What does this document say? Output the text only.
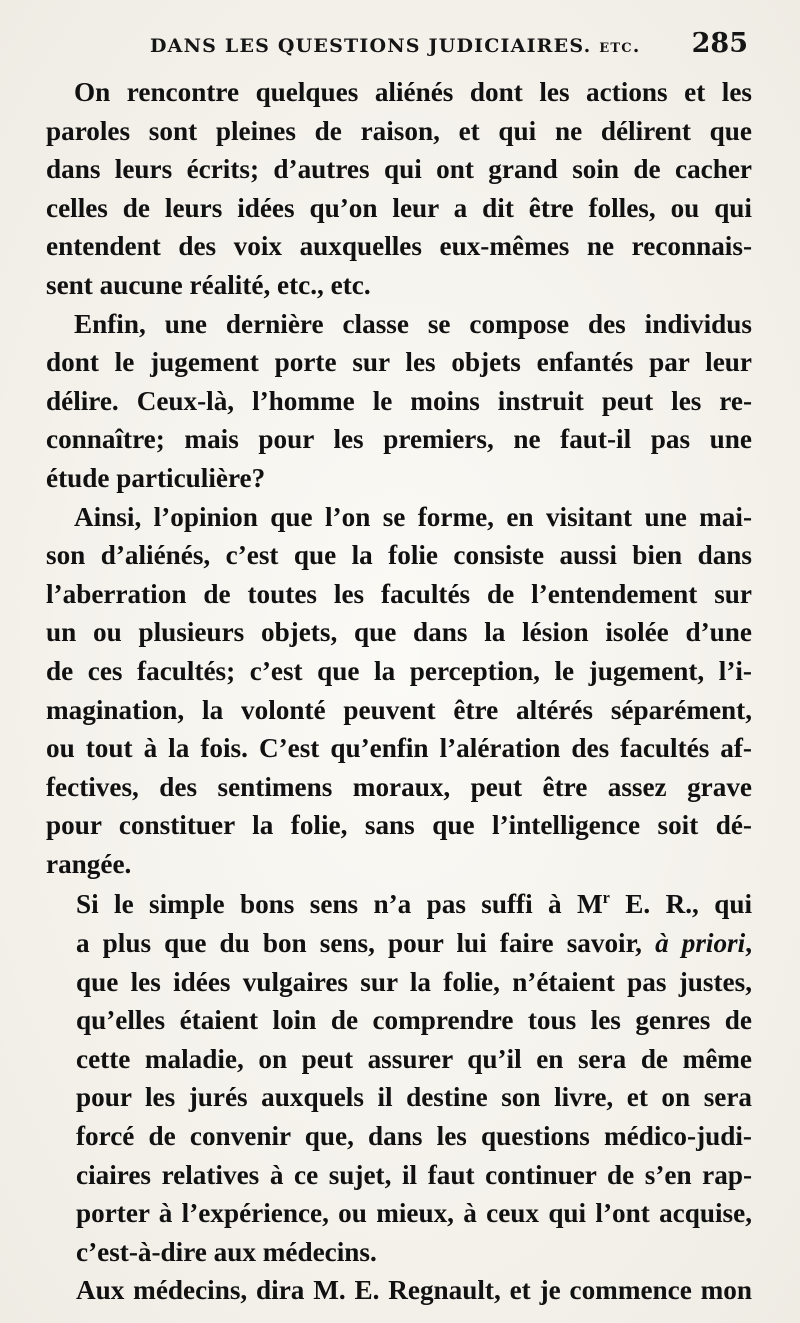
DANS LES QUESTIONS JUDICIAIRES. etc. 285
On rencontre quelques aliénés dont les actions et les
paroles sont pleines de raison, et qui ne délirent que
dans leurs écrits; d’autres qui ont grand soin de cacher
celles de leurs idées qu’on leur a dit être folles, ou qui
entendent des voix auxquelles eux-mêmes ne reconnais-
sent aucune réalité, etc., etc.
Enfin, une dernière classe se compose des individus
dont le jugement porte sur les objets enfantés par leur
délire. Ceux-là, l’homme le moins instruit peut les re-
connaître; mais pour les premiers, ne faut-il pas une
étude particulière?
Ainsi, l’opinion que l’on se forme, en visitant une mai-
son d’aliénés, c’est que la folie consiste aussi bien dans
l’aberration de toutes les facultés de l’entendement sur
un ou plusieurs objets, que dans la lésion isolée d’une
de ces facultés; c’est que la perception, le jugement, l’i-
magination, la volonté peuvent être altérés séparément,
ou tout à la fois. C’est qu’enfin l’alération des facultés af-
fectives, des sentimens moraux, peut être assez grave
pour constituer la folie, sans que l’intelligence soit dé-
rangée.
Si le simple bons sens n’a pas suffi à $M^r$ E. R., qui
a plus que du bon sens, pour lui faire savoir, à priori,
que les idées vulgaires sur la folie, n’étaient pas justes,
qu’elles étaient loin de comprendre tous les genres de
cette maladie, on peut assurer qu’il en sera de même
pour les jurés auxquels il destine son livre, et on sera
forcé de convenir que, dans les questions médico-judi-
ciaires relatives à ce sujet, il faut continuer de s’en rap-
porter à l’expérience, ou mieux, à ceux qui l’ont acquise,
c’est-à-dire aux médecins.
Aux médecins, dira M. E. Regnault, et je commence mon
